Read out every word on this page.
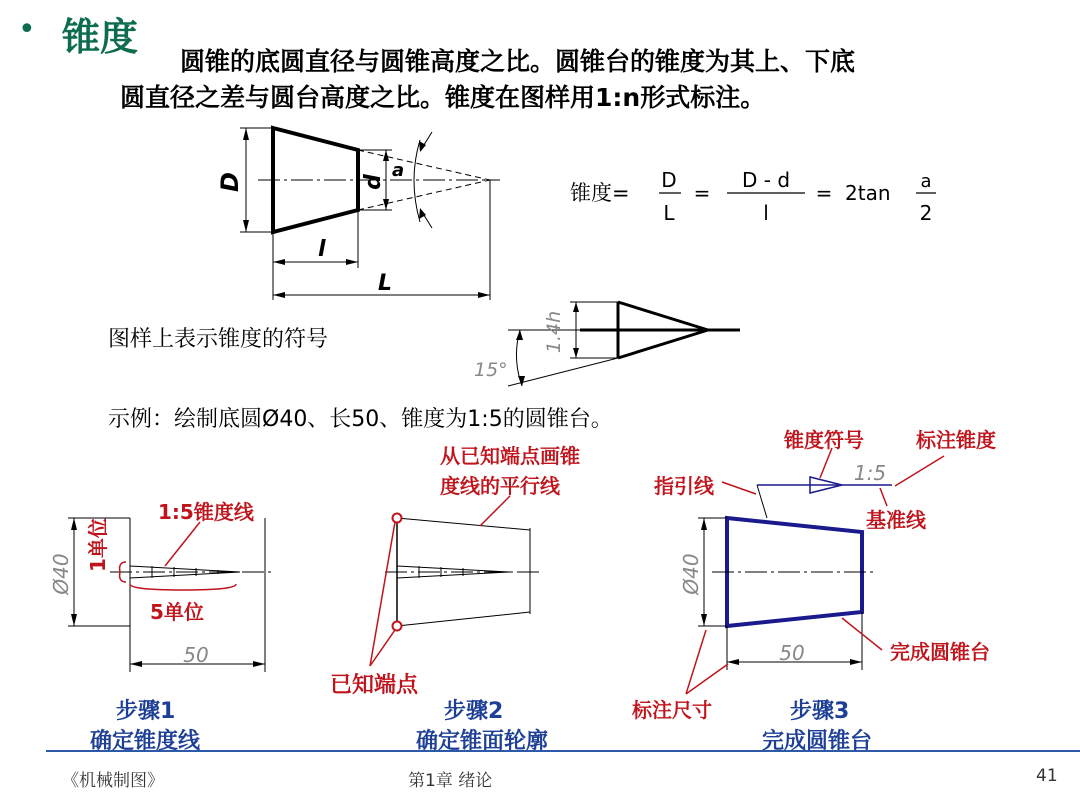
• 锥度
圆锥的底圆直径与圆锥高度之比。圆锥台的锥度为其上、下底
圆直径之差与圆台高度之比。锥度在图样用1:n形式标注。
D	d
a
l
L
锥度=
D
L
=
D - d
l
= 2tan a
2
1.4h
15°
Ø40
50
1:5
Ø40
50
图样上表示锥度的符号
示例：绘制底圆Ø40、长50、锥度为1:5的圆锥台。
1:5锥度线
1单位
5单位
步骤1
确定锥度线
从已知端点画锥
度线的平行线
已知端点
步骤2
确定锥面轮廓
锥度符号	标注锥度
指引线
基准线
完成圆锥台
标注尺寸	步骤3
完成圆锥台
《机械制图》	第1章 绪论	41
